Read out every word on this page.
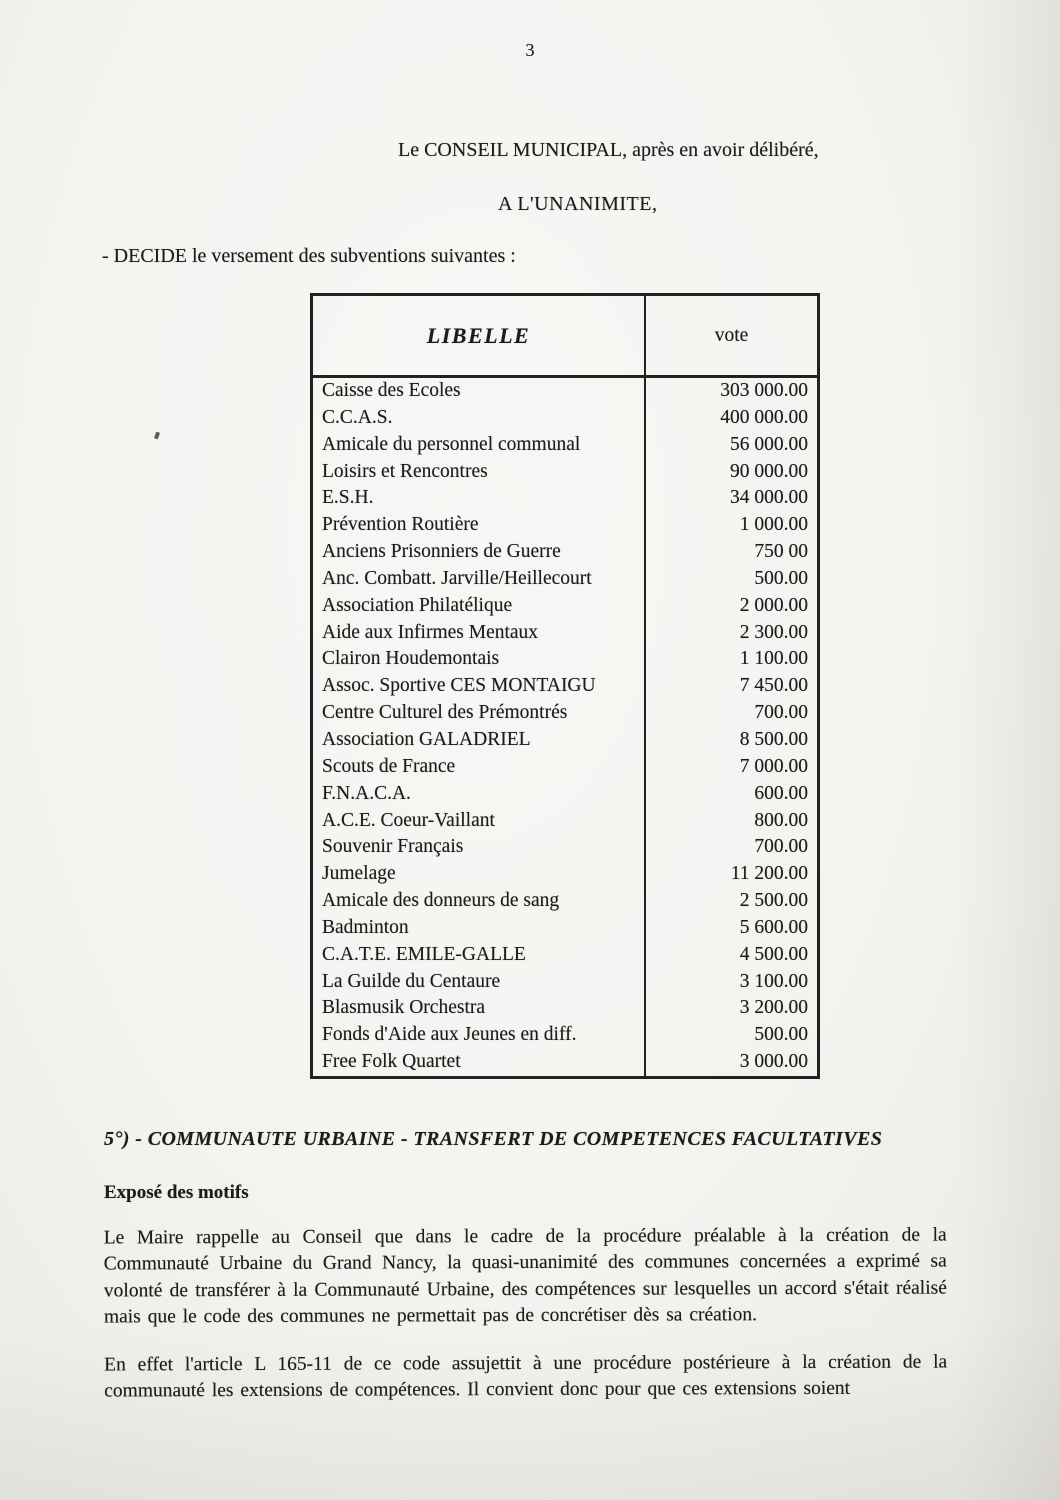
3
Le CONSEIL MUNICIPAL, après en avoir délibéré,
A L'UNANIMITE,
- DECIDE le versement des subventions suivantes :
LIBELLE	vote
Caisse des Ecoles	303 000.00
C.C.A.S.	400 000.00
Amicale du personnel communal	56 000.00
Loisirs et Rencontres	90 000.00
E.S.H.	34 000.00
Prévention Routière	1 000.00
Anciens Prisonniers de Guerre	750 00
Anc. Combatt. Jarville/Heillecourt	500.00
Association Philatélique	2 000.00
Aide aux Infirmes Mentaux	2 300.00
Clairon Houdemontais	1 100.00
Assoc. Sportive CES MONTAIGU	7 450.00
Centre Culturel des Prémontrés	700.00
Association GALADRIEL	8 500.00
Scouts de France	7 000.00
F.N.A.C.A.	600.00
A.C.E. Coeur-Vaillant	800.00
Souvenir Français	700.00
Jumelage	11 200.00
Amicale des donneurs de sang	2 500.00
Badminton	5 600.00
C.A.T.E. EMILE-GALLE	4 500.00
La Guilde du Centaure	3 100.00
Blasmusik Orchestra	3 200.00
Fonds d'Aide aux Jeunes en diff.	500.00
Free Folk Quartet	3 000.00
5°) - COMMUNAUTE URBAINE - TRANSFERT DE COMPETENCES FACULTATIVES
Exposé des motifs

Le Maire rappelle au Conseil que dans le cadre de la procédure préalable à la création de la Communauté Urbaine du Grand Nancy, la quasi-unanimité des communes concernées a exprimé sa volonté de transférer à la Communauté Urbaine, des compétences sur lesquelles un accord s'était réalisé mais que le code des communes ne permettait pas de concrétiser dès sa création.

En effet l'article L 165-11 de ce code assujettit à une procédure postérieure à la création de la communauté les extensions de compétences. Il convient donc pour que ces extensions soient
